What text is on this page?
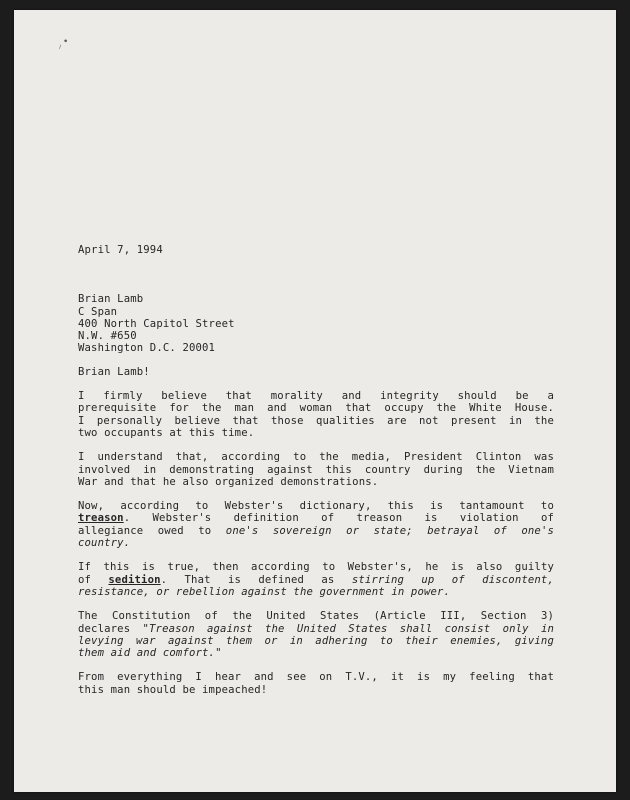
⸝ •
April 7, 1994
Brian Lamb
C Span
400 North Capitol Street
N.W. #650
Washington D.C. 20001
Brian Lamb!
I firmly believe that morality and integrity should be a
prerequisite for the man and woman that occupy the White House.
I personally believe that those qualities are not present in the
two occupants at this time.
I understand that, according to the media, President Clinton was
involved in demonstrating against this country during the Vietnam
War and that he also organized demonstrations.
Now, according to Webster's dictionary, this is tantamount to
treason. Webster's definition of treason is violation of
allegiance owed to one's sovereign or state; betrayal of one's
country.
If this is true, then according to Webster's, he is also guilty
of sedition. That is defined as stirring up of discontent,
resistance, or rebellion against the government in power.
The Constitution of the United States (Article III, Section 3)
declares "Treason against the United States shall consist only in
levying war against them or in adhering to their enemies, giving
them aid and comfort."
From everything I hear and see on T.V., it is my feeling that
this man should be impeached!
